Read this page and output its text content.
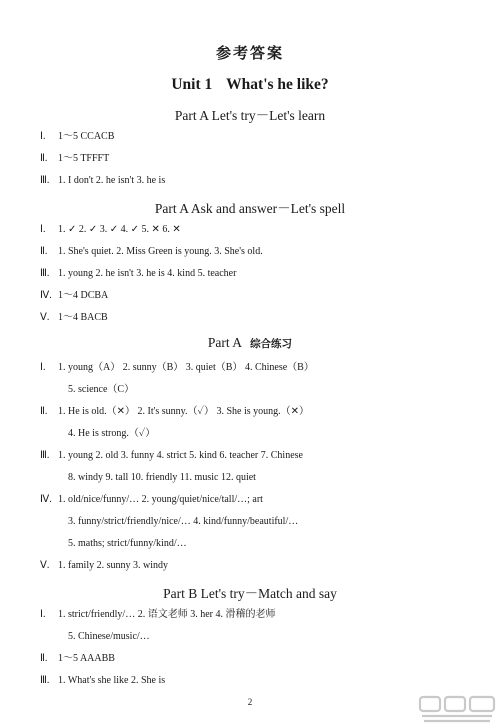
参考答案
Unit 1 What's he like?
Part A Let's try－Let's learn
Ⅰ. 1～5 CCACB
Ⅱ. 1～5 TFFFT
Ⅲ. 1. I don't 2. he isn't 3. he is
Part A Ask and answer－Let's spell
Ⅰ. 1. ✓ 2. ✓ 3. ✓ 4. ✓ 5. ✕ 6. ✕
Ⅱ. 1. She's quiet. 2. Miss Green is young. 3. She's old.
Ⅲ. 1. young 2. he isn't 3. he is 4. kind 5. teacher
Ⅳ. 1～4 DCBA
Ⅴ. 1～4 BACB
Part A 综合练习
Ⅰ. 1. young（A） 2. sunny（B） 3. quiet（B） 4. Chinese（B）
5. science（C）
Ⅱ. 1. He is old.（✕） 2. It's sunny.（✓） 3. She is young.（✕）
4. He is strong.（✓）
Ⅲ. 1. young 2. old 3. funny 4. strict 5. kind 6. teacher 7. Chinese
8. windy 9. tall 10. friendly 11. music 12. quiet
Ⅳ. 1. old/nice/funny/… 2. young/quiet/nice/tall/…; art
3. funny/strict/friendly/nice/… 4. kind/funny/beautiful/…
5. maths; strict/funny/kind/…
Ⅴ. 1. family 2. sunny 3. windy
Part B Let's try－Match and say
Ⅰ. 1. strict/friendly/… 2. 语文老师 3. her 4. 滑稽的老师
5. Chinese/music/…
Ⅱ. 1～5 AAABB
Ⅲ. 1. What's she like 2. She is
2
